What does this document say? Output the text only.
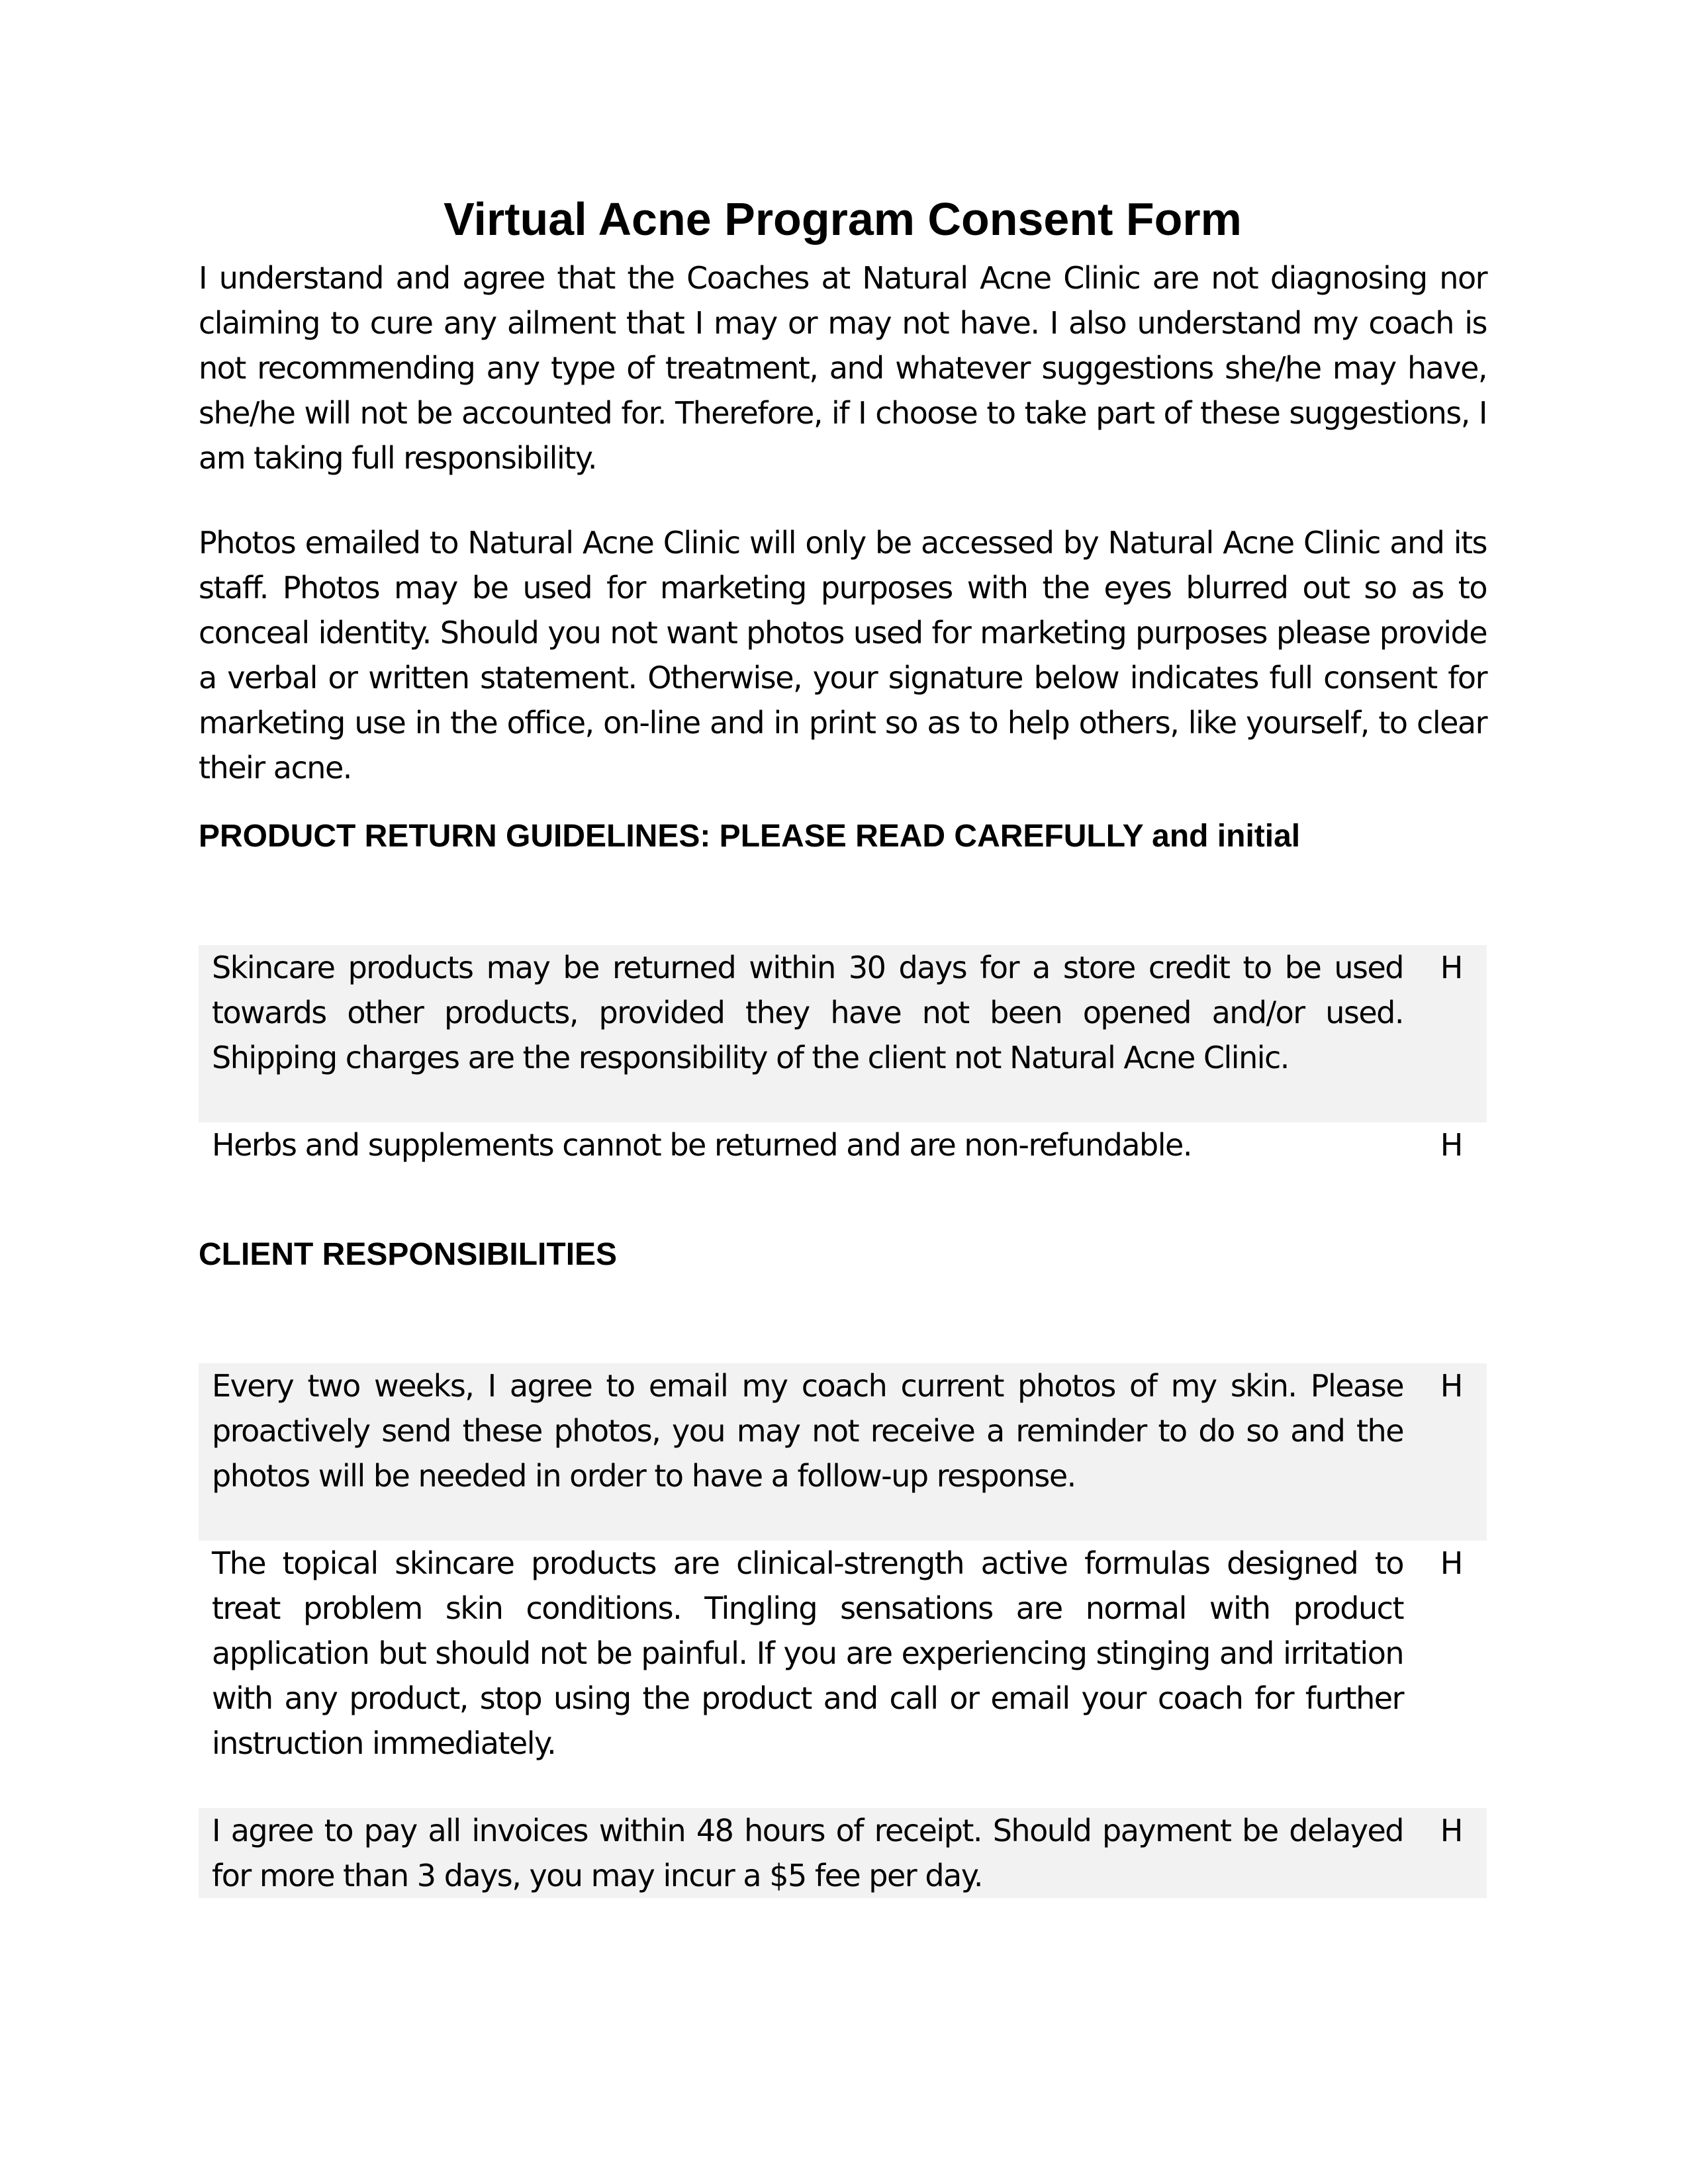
Virtual Acne Program Consent Form

I understand and agree that the Coaches at Natural Acne Clinic are not diagnosing nor claiming to cure any ailment that I may or may not have. I also understand my coach is not recommending any type of treatment, and whatever suggestions she/he may have, she/he will not be accounted for. Therefore, if I choose to take part of these suggestions, I am taking full responsibility.

Photos emailed to Natural Acne Clinic will only be accessed by Natural Acne Clinic and its staff. Photos may be used for marketing purposes with the eyes blurred out so as to conceal identity. Should you not want photos used for marketing purposes please provide a verbal or written statement. Otherwise, your signature below indicates full consent for marketing use in the office, on-line and in print so as to help others, like yourself, to clear their acne.

PRODUCT RETURN GUIDELINES: PLEASE READ CAREFULLY and initial
Skincare products may be returned within 30 days for a store credit to be used towards other products, provided they have not been opened and/or used. Shipping charges are the responsibility of the client not Natural Acne Clinic.
H
Herbs and supplements cannot be returned and are non-refundable.	H
CLIENT RESPONSIBILITIES
Every two weeks, I agree to email my coach current photos of my skin. Please proactively send these photos, you may not receive a reminder to do so and the photos will be needed in order to have a follow-up response.
H
The topical skincare products are clinical-strength active formulas designed to treat problem skin conditions. Tingling sensations are normal with product application but should not be painful. If you are experiencing stinging and irritation with any product, stop using the product and call or email your coach for further instruction immediately.
H
I agree to pay all invoices within 48 hours of receipt. Should payment be delayed for more than 3 days, you may incur a $5 fee per day.
H
